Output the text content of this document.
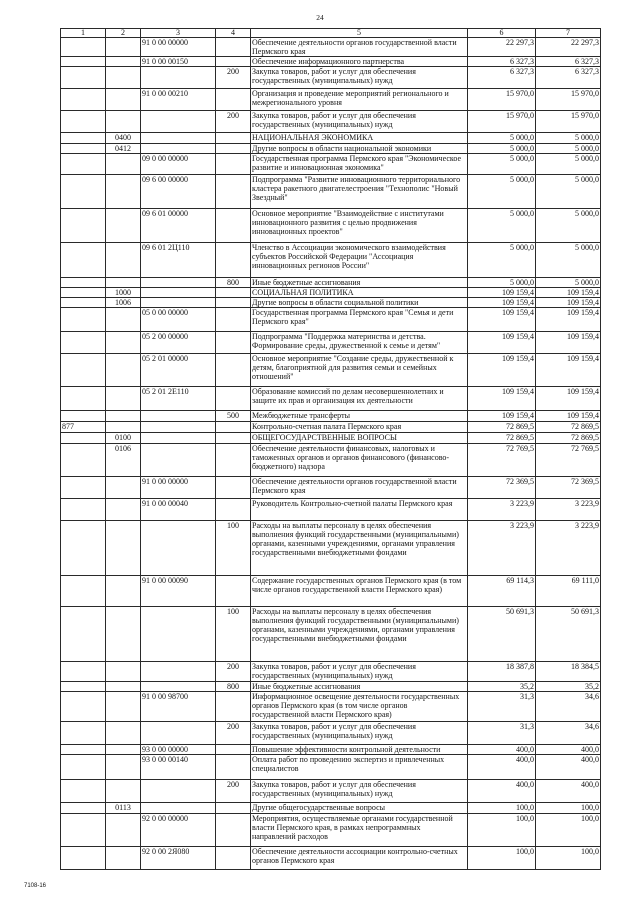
24
1	2	3	4	5	6	7
		91 0 00 00000		Обеспечение деятельности органов государственной власти Пермского края	22 297,3	22 297,3
		91 0 00 00150		Обеспечение информационного партнерства	6 327,3	6 327,3
			200	Закупка товаров, работ и услуг для обеспечения государственных (муниципальных) нужд	6 327,3	6 327,3
		91 0 00 00210		Организация и проведение мероприятий регионального и межрегионального уровня	15 970,0	15 970,0
			200	Закупка товаров, работ и услуг для обеспечения государственных (муниципальных) нужд	15 970,0	15 970,0
	0400			НАЦИОНАЛЬНАЯ ЭКОНОМИКА	5 000,0	5 000,0
	0412			Другие вопросы в области национальной экономики	5 000,0	5 000,0
		09 0 00 00000		Государственная программа Пермского края "Экономическое развитие и инновационная экономика"	5 000,0	5 000,0
		09 6 00 00000		Подпрограмма "Развитие инновационного территориального кластера ракетного двигателестроения "Технополис "Новый Звездный"	5 000,0	5 000,0
		09 6 01 00000		Основное мероприятие "Взаимодействие с институтами инновационного развития с целью продвижения инновационных проектов"	5 000,0	5 000,0
		09 6 01 2Ц110		Членство в Ассоциации экономического взаимодействия субъектов Российской Федерации "Ассоциация инновационных регионов России"	5 000,0	5 000,0
			800	Иные бюджетные ассигнования	5 000,0	5 000,0
	1000			СОЦИАЛЬНАЯ ПОЛИТИКА	109 159,4	109 159,4
	1006			Другие вопросы в области социальной политики	109 159,4	109 159,4
		05 0 00 00000		Государственная программа Пермского края "Семья и дети Пермского края"	109 159,4	109 159,4
		05 2 00 00000		Подпрограмма "Поддержка материнства и детства. Формирование среды, дружественной к семье и детям"	109 159,4	109 159,4
		05 2 01 00000		Основное мероприятие "Создание среды, дружественной к детям, благоприятной для развития семьи и семейных отношений"	109 159,4	109 159,4
		05 2 01 2Е110		Образование комиссий по делам несовершеннолетних и защите их прав и организация их деятельности	109 159,4	109 159,4
			500	Межбюджетные трансферты	109 159,4	109 159,4
877				Контрольно-счетная палата Пермского края	72 869,5	72 869,5
	0100			ОБЩЕГОСУДАРСТВЕННЫЕ ВОПРОСЫ	72 869,5	72 869,5
	0106			Обеспечение деятельности финансовых, налоговых и таможенных органов и органов финансового (финансово-бюджетного) надзора	72 769,5	72 769,5
		91 0 00 00000		Обеспечение деятельности органов государственной власти Пермского края	72 369,5	72 369,5
		91 0 00 00040		Руководитель Контрольно-счетной палаты Пермского края	3 223,9	3 223,9
			100	Расходы на выплаты персоналу в целях обеспечения выполнения функций государственными (муниципальными) органами, казенными учреждениями, органами управления государственными внебюджетными фондами	3 223,9	3 223,9
		91 0 00 00090		Содержание государственных органов Пермского края (в том числе органов государственной власти Пермского края)	69 114,3	69 111,0
			100	Расходы на выплаты персоналу в целях обеспечения выполнения функций государственными (муниципальными) органами, казенными учреждениями, органами управления государственными внебюджетными фондами	50 691,3	50 691,3
			200	Закупка товаров, работ и услуг для обеспечения государственных (муниципальных) нужд	18 387,8	18 384,5
			800	Иные бюджетные ассигнования	35,2	35,2
		91 0 00 98700		Информационное освещение деятельности государственных органов Пермского края (в том числе органов государственной власти Пермского края)	31,3	34,6
			200	Закупка товаров, работ и услуг для обеспечения государственных (муниципальных) нужд	31,3	34,6
		93 0 00 00000		Повышение эффективности контрольной деятельности	400,0	400,0
		93 0 00 00140		Оплата работ по проведению экспертиз и привлеченных специалистов	400,0	400,0
			200	Закупка товаров, работ и услуг для обеспечения государственных (муниципальных) нужд	400,0	400,0
	0113			Другие общегосударственные вопросы	100,0	100,0
		92 0 00 00000		Мероприятия, осуществляемые органами государственной власти Пермского края, в рамках непрограммных направлений расходов	100,0	100,0
		92 0 00 2Я080		Обеспечение деятельности ассоциации контрольно-счетных органов Пермского края	100,0	100,0
7108-16
